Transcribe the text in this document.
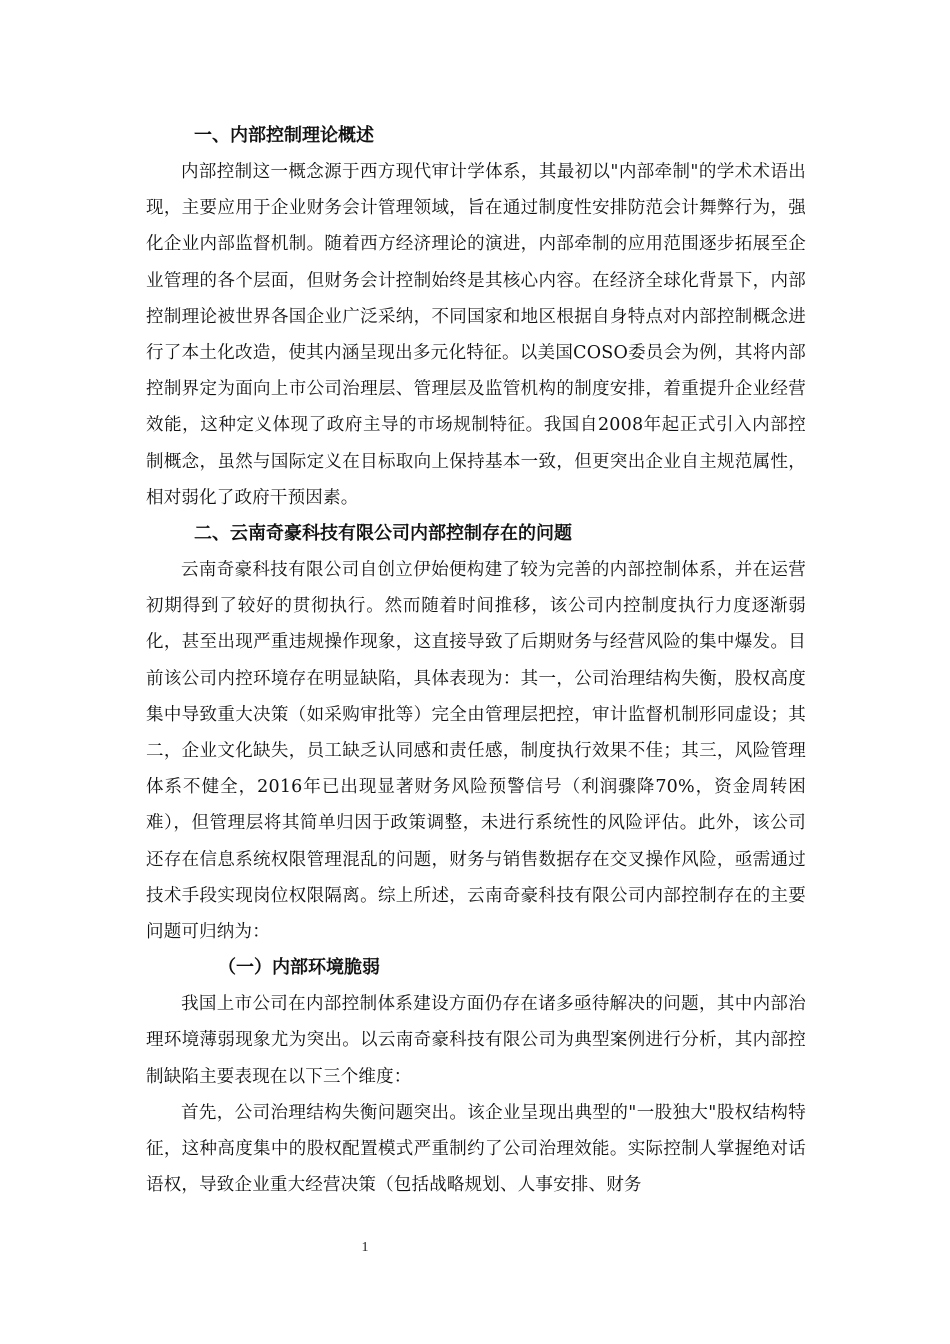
一、内部控制理论概述

内部控制这一概念源于西方现代审计学体系，其最初以"内部牵制"的学术术语出现，主要应用于企业财务会计管理领域，旨在通过制度性安排防范会计舞弊行为，强化企业内部监督机制。随着西方经济理论的演进，内部牵制的应用范围逐步拓展至企业管理的各个层面，但财务会计控制始终是其核心内容。在经济全球化背景下，内部控制理论被世界各国企业广泛采纳，不同国家和地区根据自身特点对内部控制概念进行了本土化改造，使其内涵呈现出多元化特征。以美国COSO委员会为例，其将内部控制界定为面向上市公司治理层、管理层及监管机构的制度安排，着重提升企业经营效能，这种定义体现了政府主导的市场规制特征。我国自2008年起正式引入内部控制概念，虽然与国际定义在目标取向上保持基本一致，但更突出企业自主规范属性，相对弱化了政府干预因素。

二、云南奇豪科技有限公司内部控制存在的问题

云南奇豪科技有限公司自创立伊始便构建了较为完善的内部控制体系，并在运营初期得到了较好的贯彻执行。然而随着时间推移，该公司内控制度执行力度逐渐弱化，甚至出现严重违规操作现象，这直接导致了后期财务与经营风险的集中爆发。目前该公司内控环境存在明显缺陷，具体表现为：其一，公司治理结构失衡，股权高度集中导致重大决策（如采购审批等）完全由管理层把控，审计监督机制形同虚设；其二，企业文化缺失，员工缺乏认同感和责任感，制度执行效果不佳；其三，风险管理体系不健全，2016年已出现显著财务风险预警信号（利润骤降70%，资金周转困难），但管理层将其简单归因于政策调整，未进行系统性的风险评估。此外，该公司还存在信息系统权限管理混乱的问题，财务与销售数据存在交叉操作风险，亟需通过技术手段实现岗位权限隔离。综上所述，云南奇豪科技有限公司内部控制存在的主要问题可归纳为：

（一）内部环境脆弱

我国上市公司在内部控制体系建设方面仍存在诸多亟待解决的问题，其中内部治理环境薄弱现象尤为突出。以云南奇豪科技有限公司为典型案例进行分析，其内部控制缺陷主要表现在以下三个维度：

首先，公司治理结构失衡问题突出。该企业呈现出典型的"一股独大"股权结构特征，这种高度集中的股权配置模式严重制约了公司治理效能。实际控制人掌握绝对话语权，导致企业重大经营决策（包括战略规划、人事安排、财务

1
